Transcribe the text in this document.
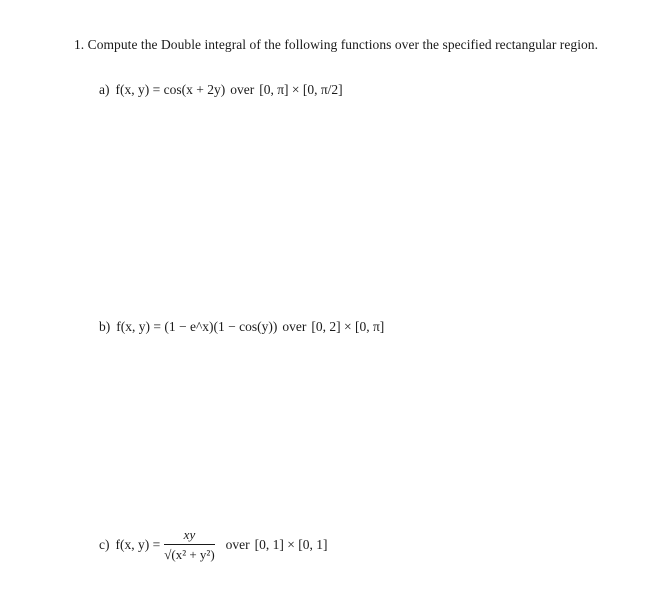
1. Compute the Double integral of the following functions over the specified rectangular region.
a) f(x, y) = cos(x + 2y) over [0, π] × [0, π/2]
b) f(x, y) = (1 − e^x)(1 − cos(y)) over [0, 2] × [0, π]
c) f(x, $y) = \frac{xy}{\text{√(x² + y²)}}$ over [0, 1] × [0, 1]
